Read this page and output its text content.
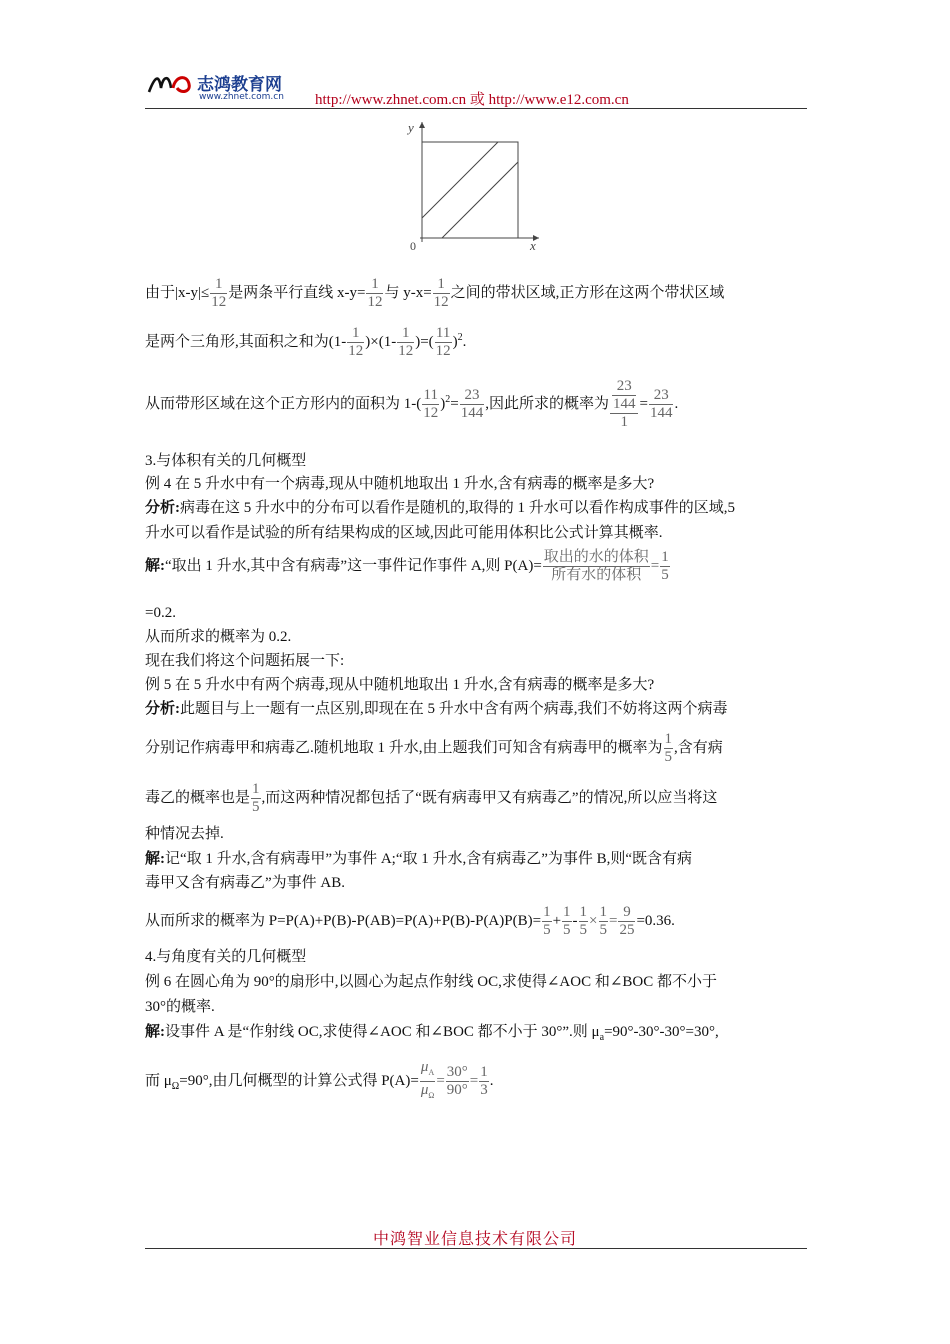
志鸿教育网
www.zhnet.com.cn http://www.zhnet.com.cn 或 http://www.e12.com.cn
y
x
0
由于$|x-y|\le \frac{1}{12}$ 是两条平行直线 $x-y= \frac{1}{12}$ 与 $y-x= \frac{1}{12}$ 之间的带状区域,正方形在这两个带状区域
是两个三角形,其面积之和为$(1- \frac{1}{12} )\times(1- \frac{1}{12}$ )=( $\frac{11}{12} )^2$.
从而带形区域在这个正方形内的面积为 $1-( \frac{11}{12} )^2= \frac{23}{144}$ ,因此所求的概率为 $\frac{\frac{23}{144}}{1} = \frac{23}{144}$ .
3.与体积有关的几何概型
例 4 在 5 升水中有一个病毒,现从中随机地取出 1 升水,含有病毒的概率是多大?
分析:病毒在这 5 升水中的分布可以看作是随机的,取得的 1 升水可以看作构成事件的区域,5
升水可以看作是试验的所有结果构成的区域,因此可能用体积比公式计算其概率.
解:“取出 1 升水,其中含有病毒”这一事件记作事件 A,则 $P(A)= \frac{\text{取出的水的体积}}{\text{所有水的体积}} = \frac{1}{5}$
=0.2.
从而所求的概率为 0.2.
现在我们将这个问题拓展一下:
例 5 在 5 升水中有两个病毒,现从中随机地取出 1 升水,含有病毒的概率是多大?
分析:此题目与上一题有一点区别,即现在在 5 升水中含有两个病毒,我们不妨将这两个病毒
分别记作病毒甲和病毒乙.随机地取 1 升水,由上题我们可知含有病毒甲的概率为 $\frac{1}{5}$ ,含有病
毒乙的概率也是 $\frac{1}{5}$ ,而这两种情况都包括了“既有病毒甲又有病毒乙”的情况,所以应当将这
种情况去掉.
解:记“取 1 升水,含有病毒甲”为事件 A;“取 1 升水,含有病毒乙”为事件 B,则“既含有病
毒甲又含有病毒乙”为事件 AB.
从而所求的概率为 $P=P(A)+P(B)-P(AB)=P(A)+P(B)-P(A)P(B)= \frac{1}{5} + \frac{1}{5} - \frac{1}{5} \times \frac{1}{5} = \frac{9}{25} =0.36$.
4.与角度有关的几何概型
例 6 在圆心角为 90°的扇形中,以圆心为起点作射线 OC,求使得∠AOC 和∠BOC 都不小于
30°的概率.
解:设事件 A 是“作射线 OC,求使得∠AOC 和∠BOC 都不小于 30°”.则 $\mu_a=90^\circ-30^\circ-30^\circ=30^\circ$,
而 $\mu_\Omega=90^\circ$,由几何概型的计算公式得 $P(A)= \frac{\mu_A}{\mu_\Omega} = \frac{30^\circ}{90^\circ} = \frac{1}{3}$ .
中鸿智业信息技术有限公司
